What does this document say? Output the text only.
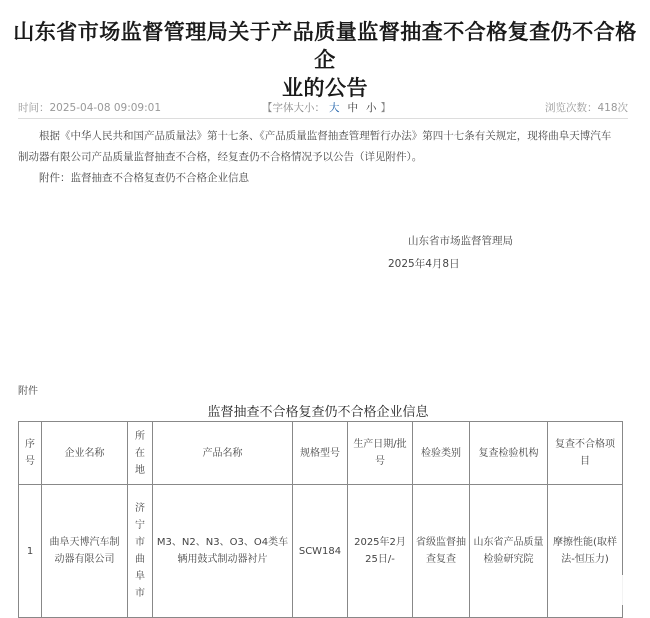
山东省市场监督管理局关于产品质量监督抽查不合格复查仍不合格企
业的公告
时间：2025-04-08 09:09:01	【字体大小： 大 中 小 】	浏览次数：418次
根据《中华人民共和国产品质量法》第十七条、《产品质量监督抽查管理暂行办法》第四十七条有关规定，现将曲阜天博汽车制动器有限公司产品质量监督抽查不合格，经复查仍不合格情况予以公告（详见附件）。
附件：监督抽查不合格复查仍不合格企业信息
山东省市场监督管理局
2025年4月8日
附件
监督抽查不合格复查仍不合格企业信息
序号	企业名称	所在地	产品名称	规格型号	生产日期/批号	检验类别	复查检验机构	复查不合格项目
1	曲阜天博汽车制动器有限公司	济宁市曲阜市	M3、N2、N3、O3、O4类车辆用鼓式制动器衬片	SCW184	2025年2月25日/-	省级监督抽查复查	山东省产品质量检验研究院	摩擦性能(取样法-恒压力)
